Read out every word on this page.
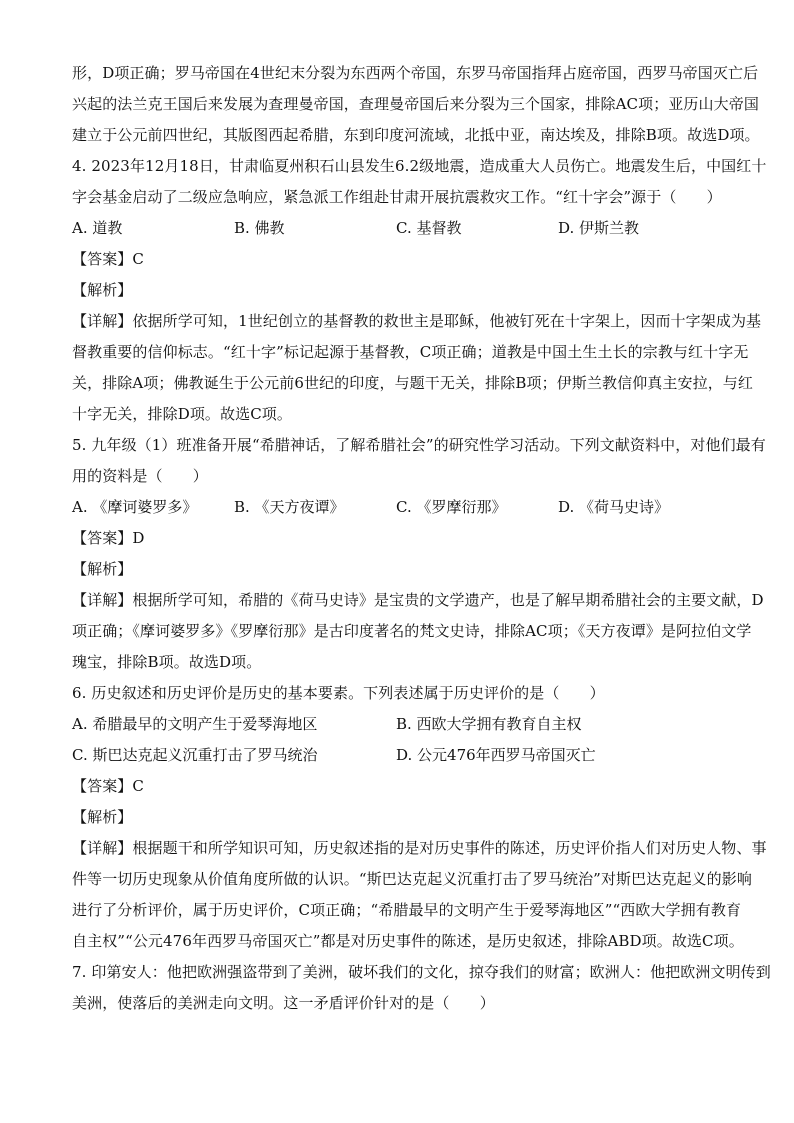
形，D项正确；罗马帝国在4世纪末分裂为东西两个帝国，东罗马帝国指拜占庭帝国，西罗马帝国灭亡后
兴起的法兰克王国后来发展为查理曼帝国，查理曼帝国后来分裂为三个国家，排除AC项；亚历山大帝国
建立于公元前四世纪，其版图西起希腊，东到印度河流域，北抵中亚，南达埃及，排除B项。故选D项。
4. 2023年12月18日，甘肃临夏州积石山县发生6.2级地震，造成重大人员伤亡。地震发生后，中国红十
字会基金启动了二级应急响应，紧急派工作组赴甘肃开展抗震救灾工作。“红十字会”源于（　　）
A. 道教	B. 佛教	C. 基督教	D. 伊斯兰教
【答案】C
【解析】
【详解】依据所学可知，1世纪创立的基督教的救世主是耶稣，他被钉死在十字架上，因而十字架成为基
督教重要的信仰标志。“红十字”标记起源于基督教，C项正确；道教是中国土生土长的宗教与红十字无
关，排除A项；佛教诞生于公元前6世纪的印度，与题干无关，排除B项；伊斯兰教信仰真主安拉，与红
十字无关，排除D项。故选C项。
5. 九年级（1）班准备开展“希腊神话，了解希腊社会”的研究性学习活动。下列文献资料中，对他们最有
用的资料是（　　）
A. 《摩诃婆罗多》 B. 《天方夜谭》	C. 《罗摩衍那》	D. 《荷马史诗》
【答案】D
【解析】
【详解】根据所学可知，希腊的《荷马史诗》是宝贵的文学遗产，也是了解早期希腊社会的主要文献，D
项正确；《摩诃婆罗多》《罗摩衍那》是古印度著名的梵文史诗，排除AC项；《天方夜谭》是阿拉伯文学
瑰宝，排除B项。故选D项。
6. 历史叙述和历史评价是历史的基本要素。下列表述属于历史评价的是（　　）
A. 希腊最早的文明产生于爱琴海地区	B. 西欧大学拥有教育自主权
C. 斯巴达克起义沉重打击了罗马统治	D. 公元476年西罗马帝国灭亡
【答案】C
【解析】
【详解】根据题干和所学知识可知，历史叙述指的是对历史事件的陈述，历史评价指人们对历史人物、事
件等一切历史现象从价值角度所做的认识。“斯巴达克起义沉重打击了罗马统治”对斯巴达克起义的影响
进行了分析评价，属于历史评价，C项正确；“希腊最早的文明产生于爱琴海地区”“西欧大学拥有教育
自主权”“公元476年西罗马帝国灭亡”都是对历史事件的陈述，是历史叙述，排除ABD项。故选C项。
7. 印第安人：他把欧洲强盗带到了美洲，破坏我们的文化，掠夺我们的财富；欧洲人：他把欧洲文明传到
美洲，使落后的美洲走向文明。这一矛盾评价针对的是（　　）
